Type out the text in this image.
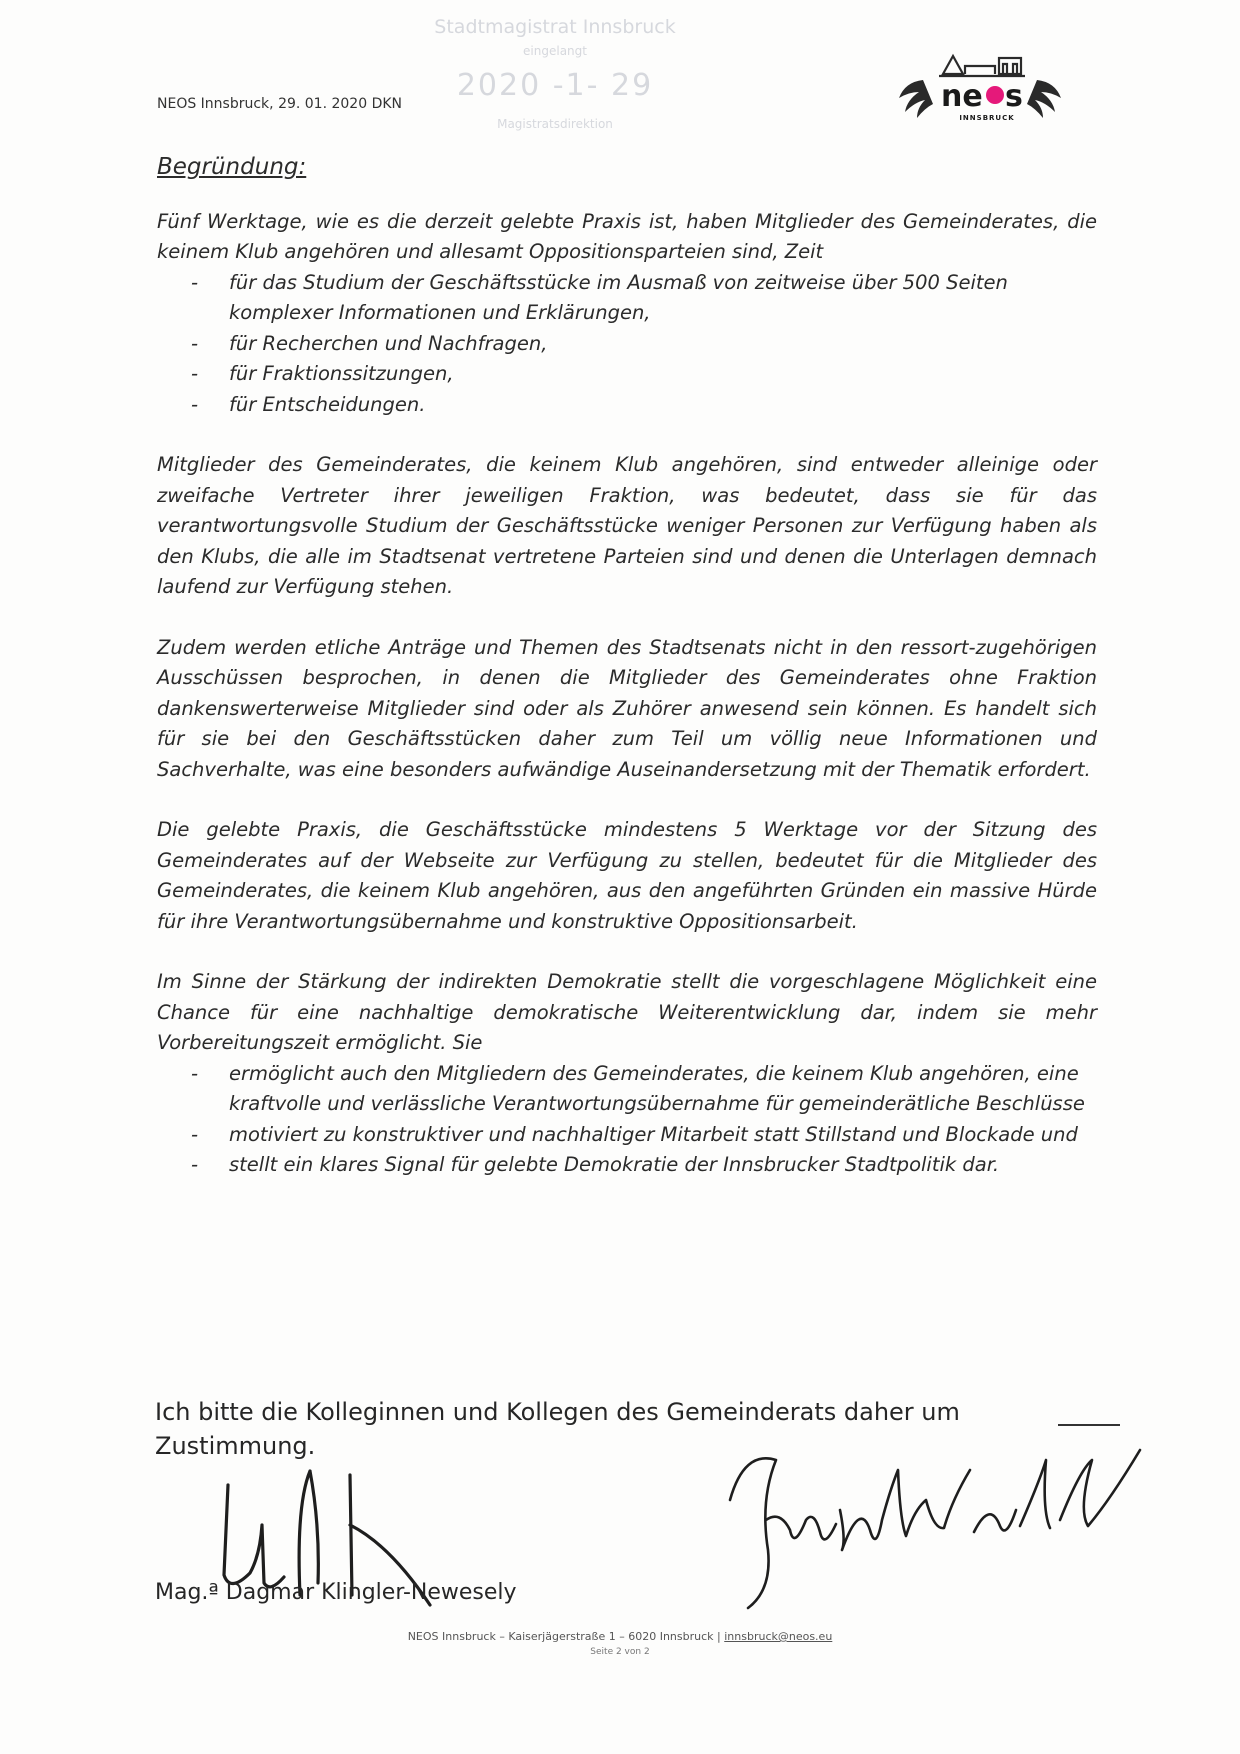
Stadtmagistrat Innsbruck
eingelangt
2020 -1- 29
Magistratsdirektion
NEOS Innsbruck, 29. 01. 2020 DKN	ne s
INNSBRUCK
Begründung:

Fünf Werktage, wie es die derzeit gelebte Praxis ist, haben Mitglieder des Gemeinderates, die keinem Klub angehören und allesamt Oppositionsparteien sind, Zeit

- für das Studium der Geschäftsstücke im Ausmaß von zeitweise über 500 Seiten komplexer Informationen und Erklärungen,
- für Recherchen und Nachfragen,
- für Fraktionssitzungen,
- für Entscheidungen.

Mitglieder des Gemeinderates, die keinem Klub angehören, sind entweder alleinige oder zweifache Vertreter ihrer jeweiligen Fraktion, was bedeutet, dass sie für das verantwortungsvolle Studium der Geschäftsstücke weniger Personen zur Verfügung haben als den Klubs, die alle im Stadtsenat vertretene Parteien sind und denen die Unterlagen demnach laufend zur Verfügung stehen.

Zudem werden etliche Anträge und Themen des Stadtsenats nicht in den ressort-zugehörigen Ausschüssen besprochen, in denen die Mitglieder des Gemeinderates ohne Fraktion dankenswerterweise Mitglieder sind oder als Zuhörer anwesend sein können. Es handelt sich für sie bei den Geschäftsstücken daher zum Teil um völlig neue Informationen und Sachverhalte, was eine besonders aufwändige Auseinandersetzung mit der Thematik erfordert.

Die gelebte Praxis, die Geschäftsstücke mindestens 5 Werktage vor der Sitzung des Gemeinderates auf der Webseite zur Verfügung zu stellen, bedeutet für die Mitglieder des Gemeinderates, die keinem Klub angehören, aus den angeführten Gründen ein massive Hürde für ihre Verantwortungsübernahme und konstruktive Oppositionsarbeit.

Im Sinne der Stärkung der indirekten Demokratie stellt die vorgeschlagene Möglichkeit eine Chance für eine nachhaltige demokratische Weiterentwicklung dar, indem sie mehr Vorbereitungszeit ermöglicht. Sie

- ermöglicht auch den Mitgliedern des Gemeinderates, die keinem Klub angehören, eine kraftvolle und verlässliche Verantwortungsübernahme für gemeinderätliche Beschlüsse
- motiviert zu konstruktiver und nachhaltiger Mitarbeit statt Stillstand und Blockade und
- stellt ein klares Signal für gelebte Demokratie der Innsbrucker Stadtpolitik dar.
Ich bitte die Kolleginnen und Kollegen des Gemeinderats daher um Zustimmung.
Mag.ª Dagmar Klingler-Newesely
NEOS Innsbruck – Kaiserjägerstraße 1 – 6020 Innsbruck | innsbruck@neos.eu
Seite 2 von 2
